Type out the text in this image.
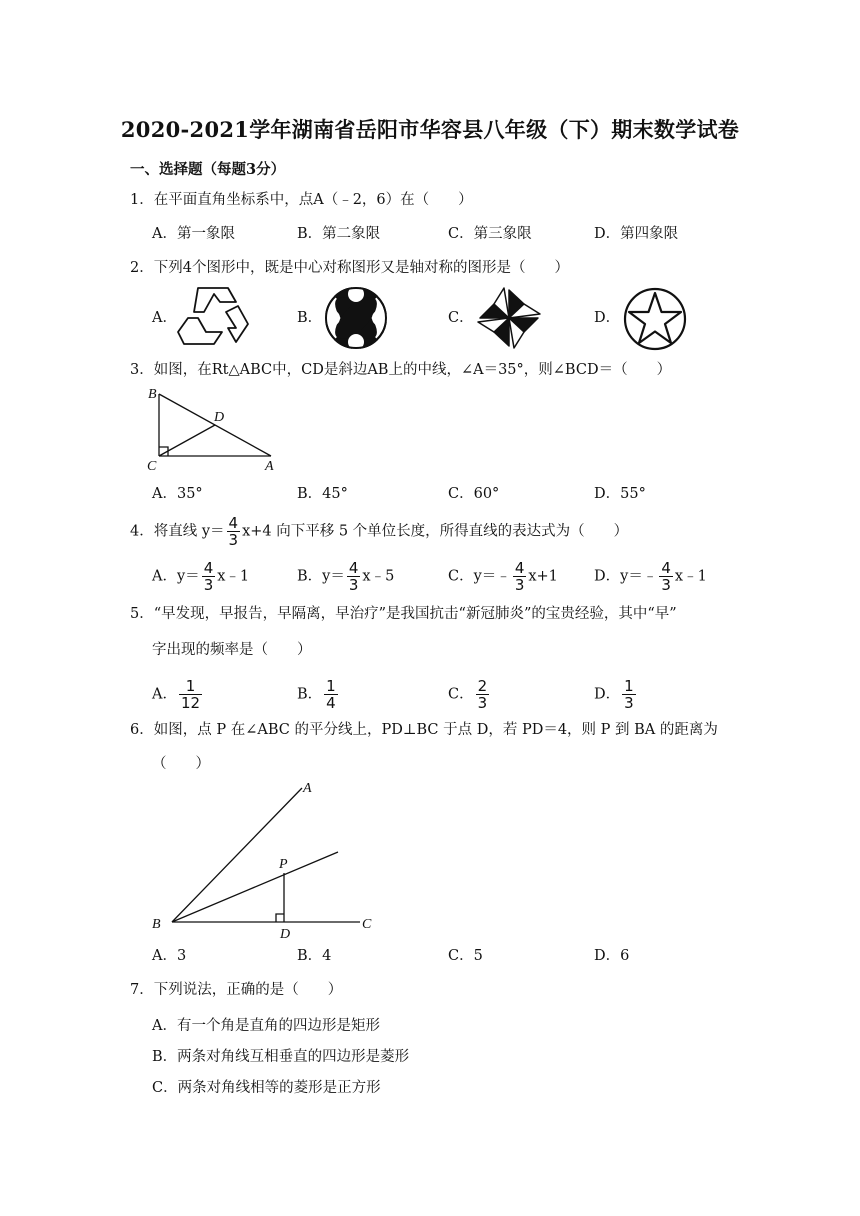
2020-2021学年湖南省岳阳市华容县八年级（下）期末数学试卷
一、选择题（每题3分）
1．在平面直角坐标系中，点A（﹣2，6）在（　　）
A．第一象限	B．第二象限	C．第三象限	D．第四象限
2．下列4个图形中，既是中心对称图形又是轴对称的图形是（　　）
A．	B．	C．	D．
3．如图，在Rt△ABC中，CD是斜边AB上的中线，∠A＝35°，则∠BCD＝（　　）
B
D
C	A
A．35°	B．45°	C．60°	D．55°
4．将直线 $y= \frac{4}{3} x+4$ 向下平移 5 个单位长度，所得直线的表达式为（　　）
A．$y= \frac{4}{3}$ x﹣1	B．$y= \frac{4}{3}$ x﹣5	C．y＝﹣ $\frac{4}{3} x+1$ D．y＝﹣ $\frac{4}{3}$ x﹣1
5．“早发现，早报告，早隔离，早治疗”是我国抗击“新冠肺炎”的宝贵经验，其中“早”
字出现的频率是（　　）
A． $\frac{1}{12}$	B． $\frac{1}{4}$	C． $\frac{2}{3}$	D． $\frac{1}{3}$
6．如图，点 P 在∠ABC 的平分线上，PD⊥BC 于点 D，若 PD＝4，则 P 到 BA 的距离为
（　　）
A
P
B
D
C
A．3	B．4	C．5	D．6
7．下列说法，正确的是（　　）
A．有一个角是直角的四边形是矩形
B．两条对角线互相垂直的四边形是菱形
C．两条对角线相等的菱形是正方形
